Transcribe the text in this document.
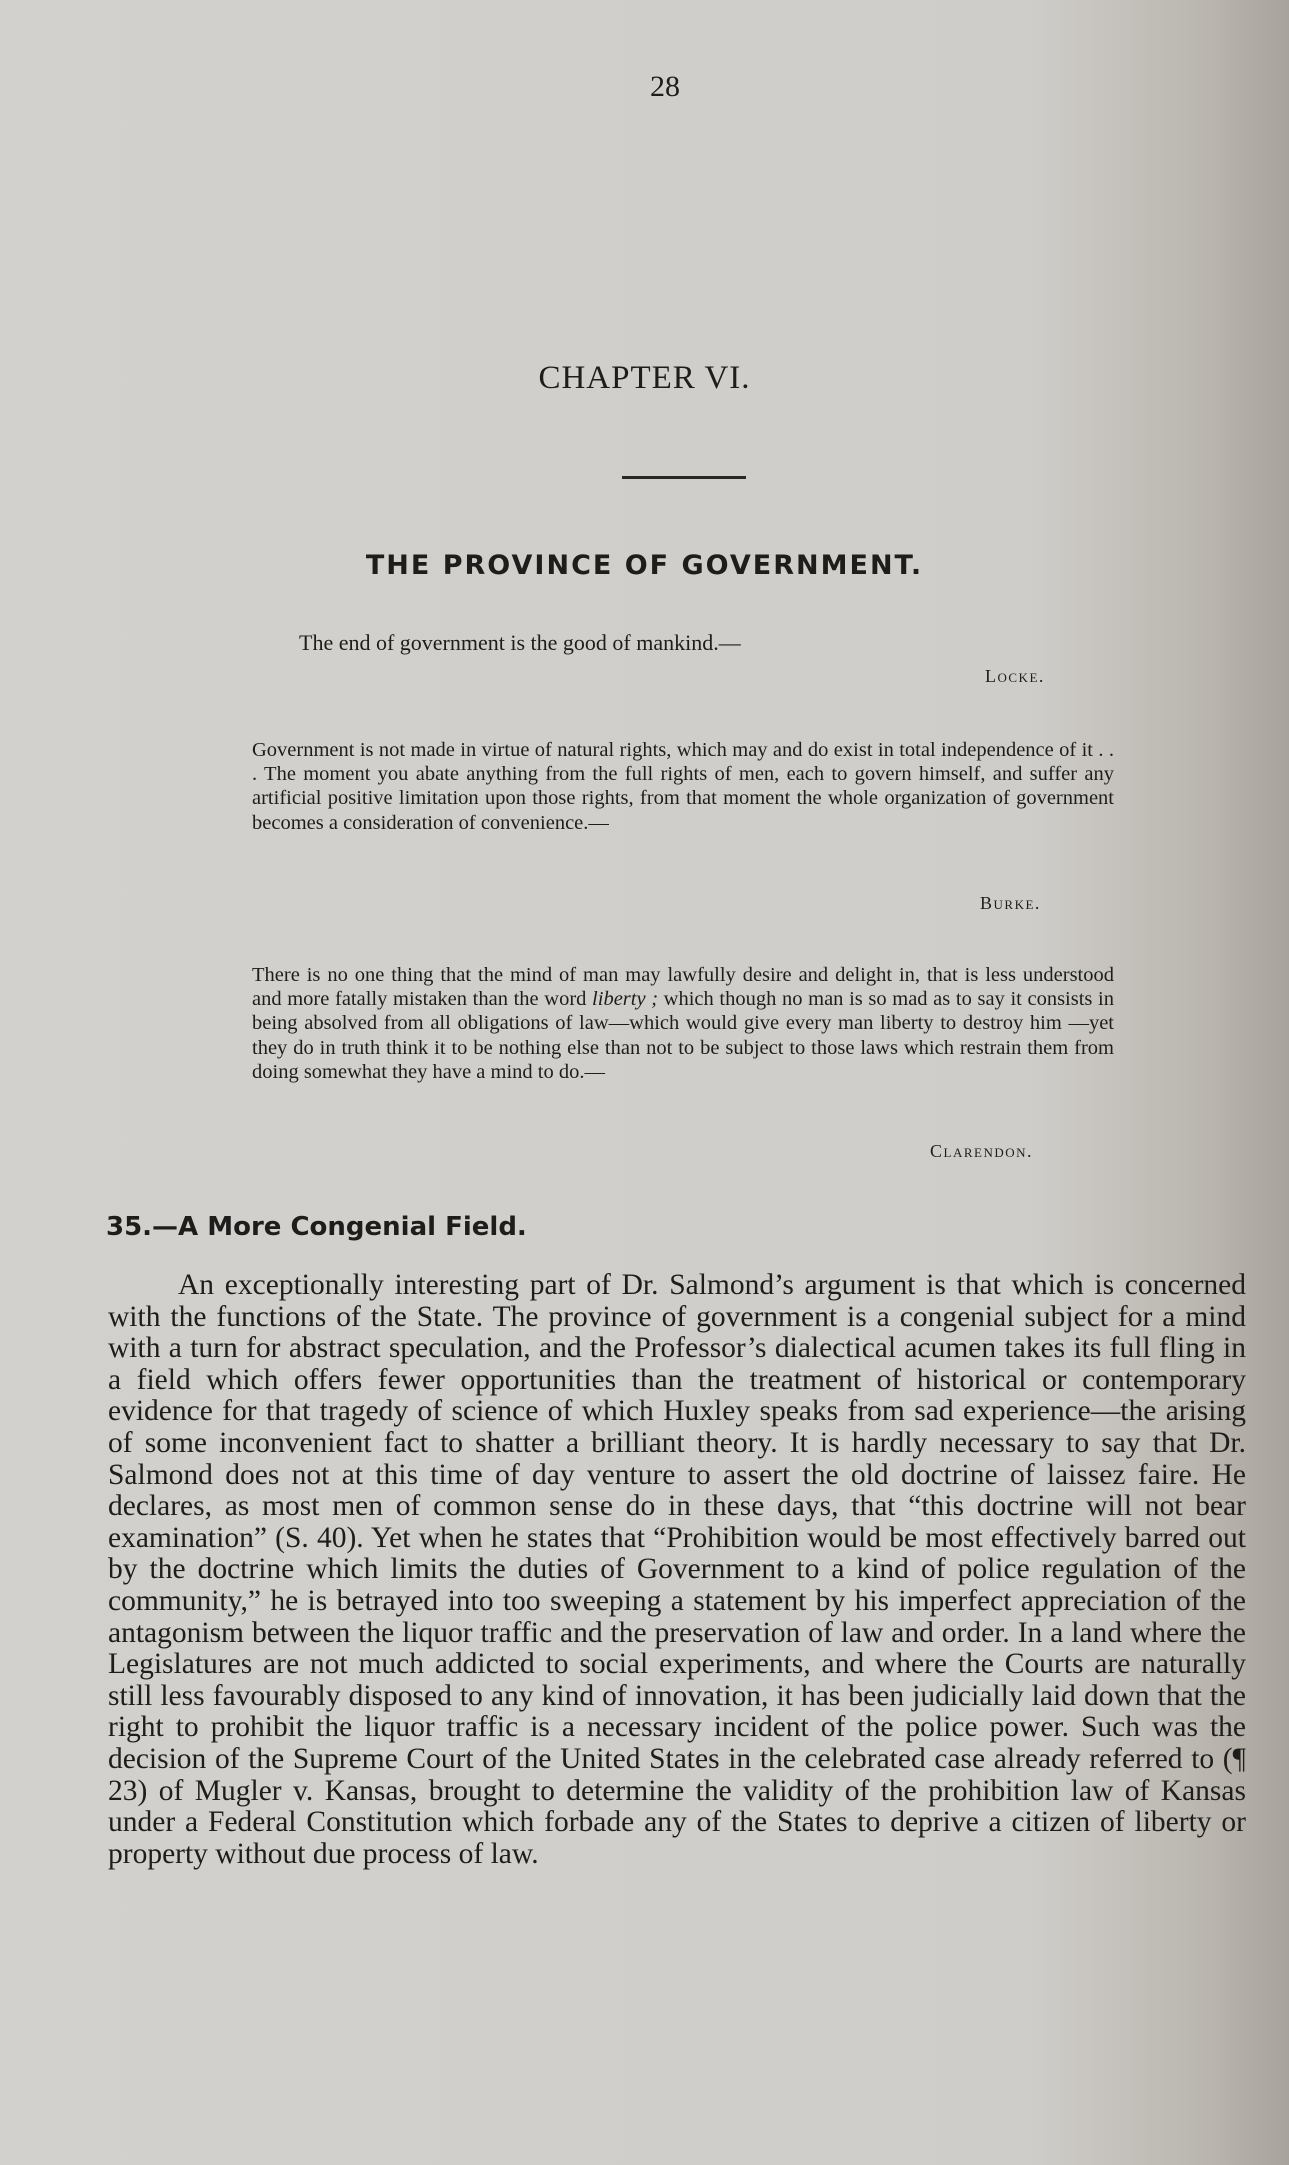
28
CHAPTER VI.
THE PROVINCE OF GOVERNMENT.
The end of government is the good of mankind.—
Locke.
Government is not made in virtue of natural rights, which may and do exist in total independence of it . . . The moment you abate anything from the full rights of men, each to govern himself, and suffer any artificial positive limitation upon those rights, from that moment the whole organization of government becomes a consideration of convenience.—
Burke.
There is no one thing that the mind of man may lawfully desire and delight in, that is less understood and more fatally mistaken than the word liberty ; which though no man is so mad as to say it consists in being absolved from all obligations of law—which would give every man liberty to destroy him —yet they do in truth think it to be nothing else than not to be subject to those laws which restrain them from doing somewhat they have a mind to do.—
Clarendon.
35.—A More Congenial Field.
An exceptionally interesting part of Dr. Salmond’s argument is that which is concerned with the functions of the State. The province of government is a congenial subject for a mind with a turn for abstract speculation, and the Professor’s dialectical acumen takes its full fling in a field which offers fewer opportunities than the treatment of historical or contemporary evidence for that tragedy of science of which Huxley speaks from sad experience—the arising of some inconvenient fact to shatter a brilliant theory. It is hardly necessary to say that Dr. Salmond does not at this time of day venture to assert the old doctrine of laissez faire. He declares, as most men of common sense do in these days, that “this doctrine will not bear examination” (S. 40). Yet when he states that “Prohibition would be most effectively barred out by the doctrine which limits the duties of Government to a kind of police regulation of the community,” he is betrayed into too sweeping a statement by his imperfect appreciation of the antagonism between the liquor traffic and the preservation of law and order. In a land where the Legislatures are not much addicted to social experiments, and where the Courts are naturally still less favourably disposed to any kind of innovation, it has been judicially laid down that the right to prohibit the liquor traffic is a necessary incident of the police power. Such was the decision of the Supreme Court of the United States in the celebrated case already referred to (¶ 23) of Mugler v. Kansas, brought to determine the validity of the prohibition law of Kansas under a Federal Constitution which forbade any of the States to deprive a citizen of liberty or property without due process of law.
